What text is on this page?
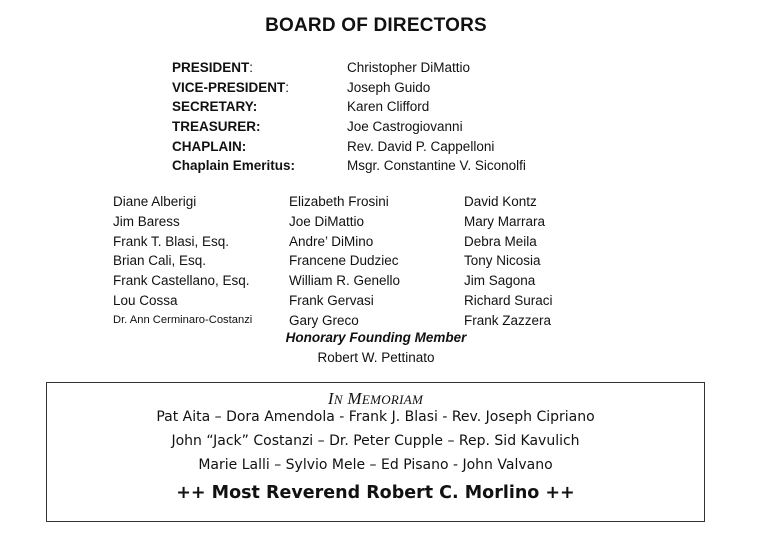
BOARD OF DIRECTORS
PRESIDENT:	Christopher DiMattio
VICE-PRESIDENT:	Joseph Guido
SECRETARY:	Karen Clifford
TREASURER:	Joe Castrogiovanni
CHAPLAIN:	Rev. David P. Cappelloni
Chaplain Emeritus:	Msgr. Constantine V. Siconolfi
Diane Alberigi
Jim Baress
Frank T. Blasi, Esq.
Brian Cali, Esq.
Frank Castellano, Esq.
Lou Cossa
Dr. Ann Cerminaro-Costanzi
Elizabeth Frosini
Joe DiMattio
Andre’ DiMino
Francene Dudziec
William R. Genello
Frank Gervasi
Gary Greco
David Kontz
Mary Marrara
Debra Meila
Tony Nicosia
Jim Sagona
Richard Suraci
Frank Zazzera
Honorary Founding Member
Robert W. Pettinato
IN MEMORIAM
Pat Aita – Dora Amendola - Frank J. Blasi - Rev. Joseph Cipriano
John “Jack” Costanzi – Dr. Peter Cupple – Rep. Sid Kavulich
Marie Lalli – Sylvio Mele – Ed Pisano - John Valvano
++ Most Reverend Robert C. Morlino ++
